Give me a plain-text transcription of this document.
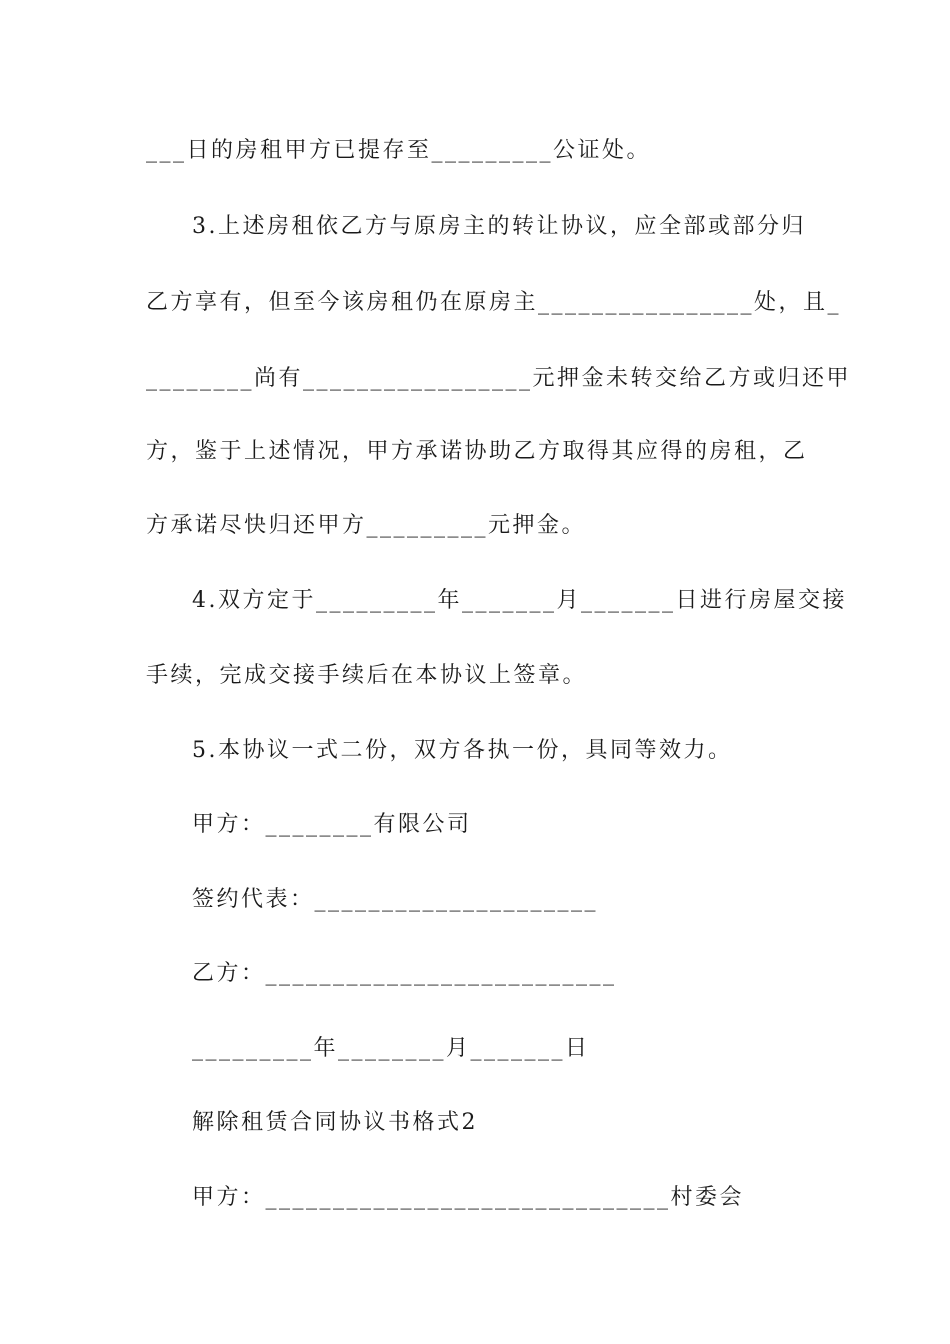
___日的房租甲方已提存至_________公证处。
3.上述房租依乙方与原房主的转让协议，应全部或部分归
乙方享有，但至今该房租仍在原房主________________处，且_
________尚有_________________元押金未转交给乙方或归还甲
方，鉴于上述情况，甲方承诺协助乙方取得其应得的房租，乙
方承诺尽快归还甲方_________元押金。
4.双方定于_________年_______月_______日进行房屋交接
手续，完成交接手续后在本协议上签章。
5.本协议一式二份，双方各执一份，具同等效力。
甲方：________有限公司
签约代表：_____________________
乙方：__________________________
_________年________月_______日
解除租赁合同协议书格式2
甲方：______________________________村委会
